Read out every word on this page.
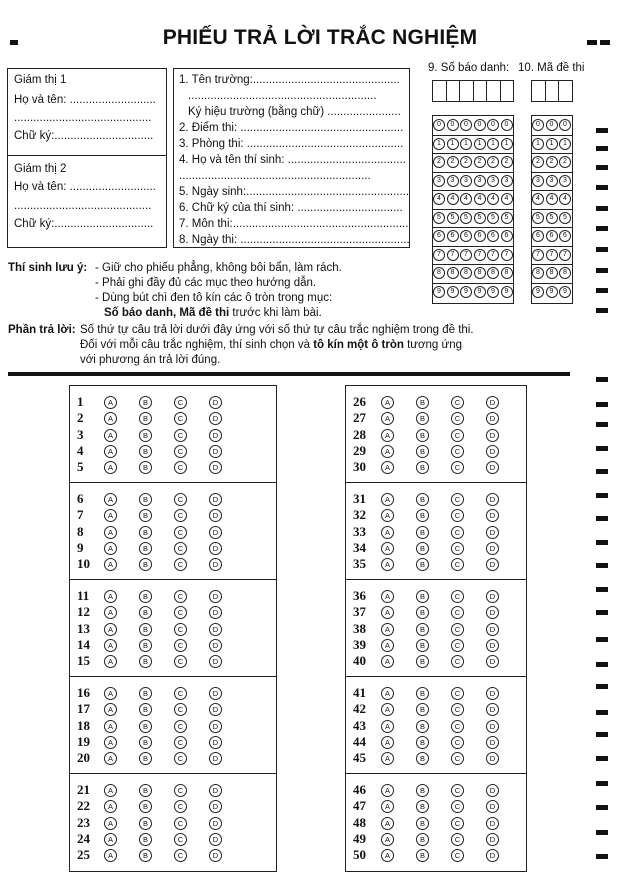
PHIẾU TRẢ LỜI TRẮC NGHIỆM
Giám thị 1
Họ và tên: ...........................
...........................................
Chữ ký:...............................
Giám thị 2
Họ và tên: ...........................
...........................................
Chữ ký:...............................
1. Tên trường:..............................................
...........................................................
Ký hiệu trường (bằng chữ) .......................
2. Điểm thi: ...................................................
3. Phòng thi: .................................................
4. Họ và tên thí sinh: .....................................
............................................................
5. Ngày sinh:...................................................
6. Chữ ký của thí sinh: .................................
7. Môn thi:.......................................................
8. Ngày thi: .....................................................
9. Số báo danh: 10. Mã đề thi
0	0	0	0	0	0
1	1	1	1	1	1
2	2	2	2	2	2
3	3	3	3	3	3
4	4	4	4	4	4
5	5	5	5	5	5
6	6	6	6	6	6
7	7	7	7	7	7
8	8	8	8	8	8
9	9	9	9	9	9
0	0	0
1	1	1
2	2	2
3	3	3
4	4	4
5	5	5
6	6	6
7	7	7
8	8	8
9	9	9
Thí sinh lưu ý: - Giữ cho phiếu phẳng, không bôi bẩn, làm rách.
- Phải ghi đầy đủ các mục theo hướng dẫn.
- Dùng bút chì đen tô kín các ô tròn trong mục:
Số báo danh, Mã đề thi trước khi làm bài.
Phần trả lời: Số thứ tự câu trả lời dưới đây ứng với số thứ tự câu trắc nghiệm trong đề thi.
Đối với mỗi câu trắc nghiệm, thí sinh chọn và tô kín một ô tròn tương ứng
với phương án trả lời đúng.
1	A	B	C	D
2	A	B	C	D
3	A	B	C	D
4	A	B	C	D
5	A	B	C	D
6	A	B	C	D
7	A	B	C	D
8	A	B	C	D
9	A	B	C	D
10	A	B	C	D
11	A	B	C	D
12	A	B	C	D
13	A	B	C	D
14	A	B	C	D
15	A	B	C	D
16	A	B	C	D
17	A	B	C	D
18	A	B	C	D
19	A	B	C	D
20	A	B	C	D
21	A	B	C	D
22	A	B	C	D
23	A	B	C	D
24	A	B	C	D
25	A	B	C	D
26	A	B	C	D
27	A	B	C	D
28	A	B	C	D
29	A	B	C	D
30	A	B	C	D
31	A	B	C	D
32	A	B	C	D
33	A	B	C	D
34	A	B	C	D
35	A	B	C	D
36	A	B	C	D
37	A	B	C	D
38	A	B	C	D
39	A	B	C	D
40	A	B	C	D
41	A	B	C	D
42	A	B	C	D
43	A	B	C	D
44	A	B	C	D
45	A	B	C	D
46	A	B	C	D
47	A	B	C	D
48	A	B	C	D
49	A	B	C	D
50	A	B	C	D
